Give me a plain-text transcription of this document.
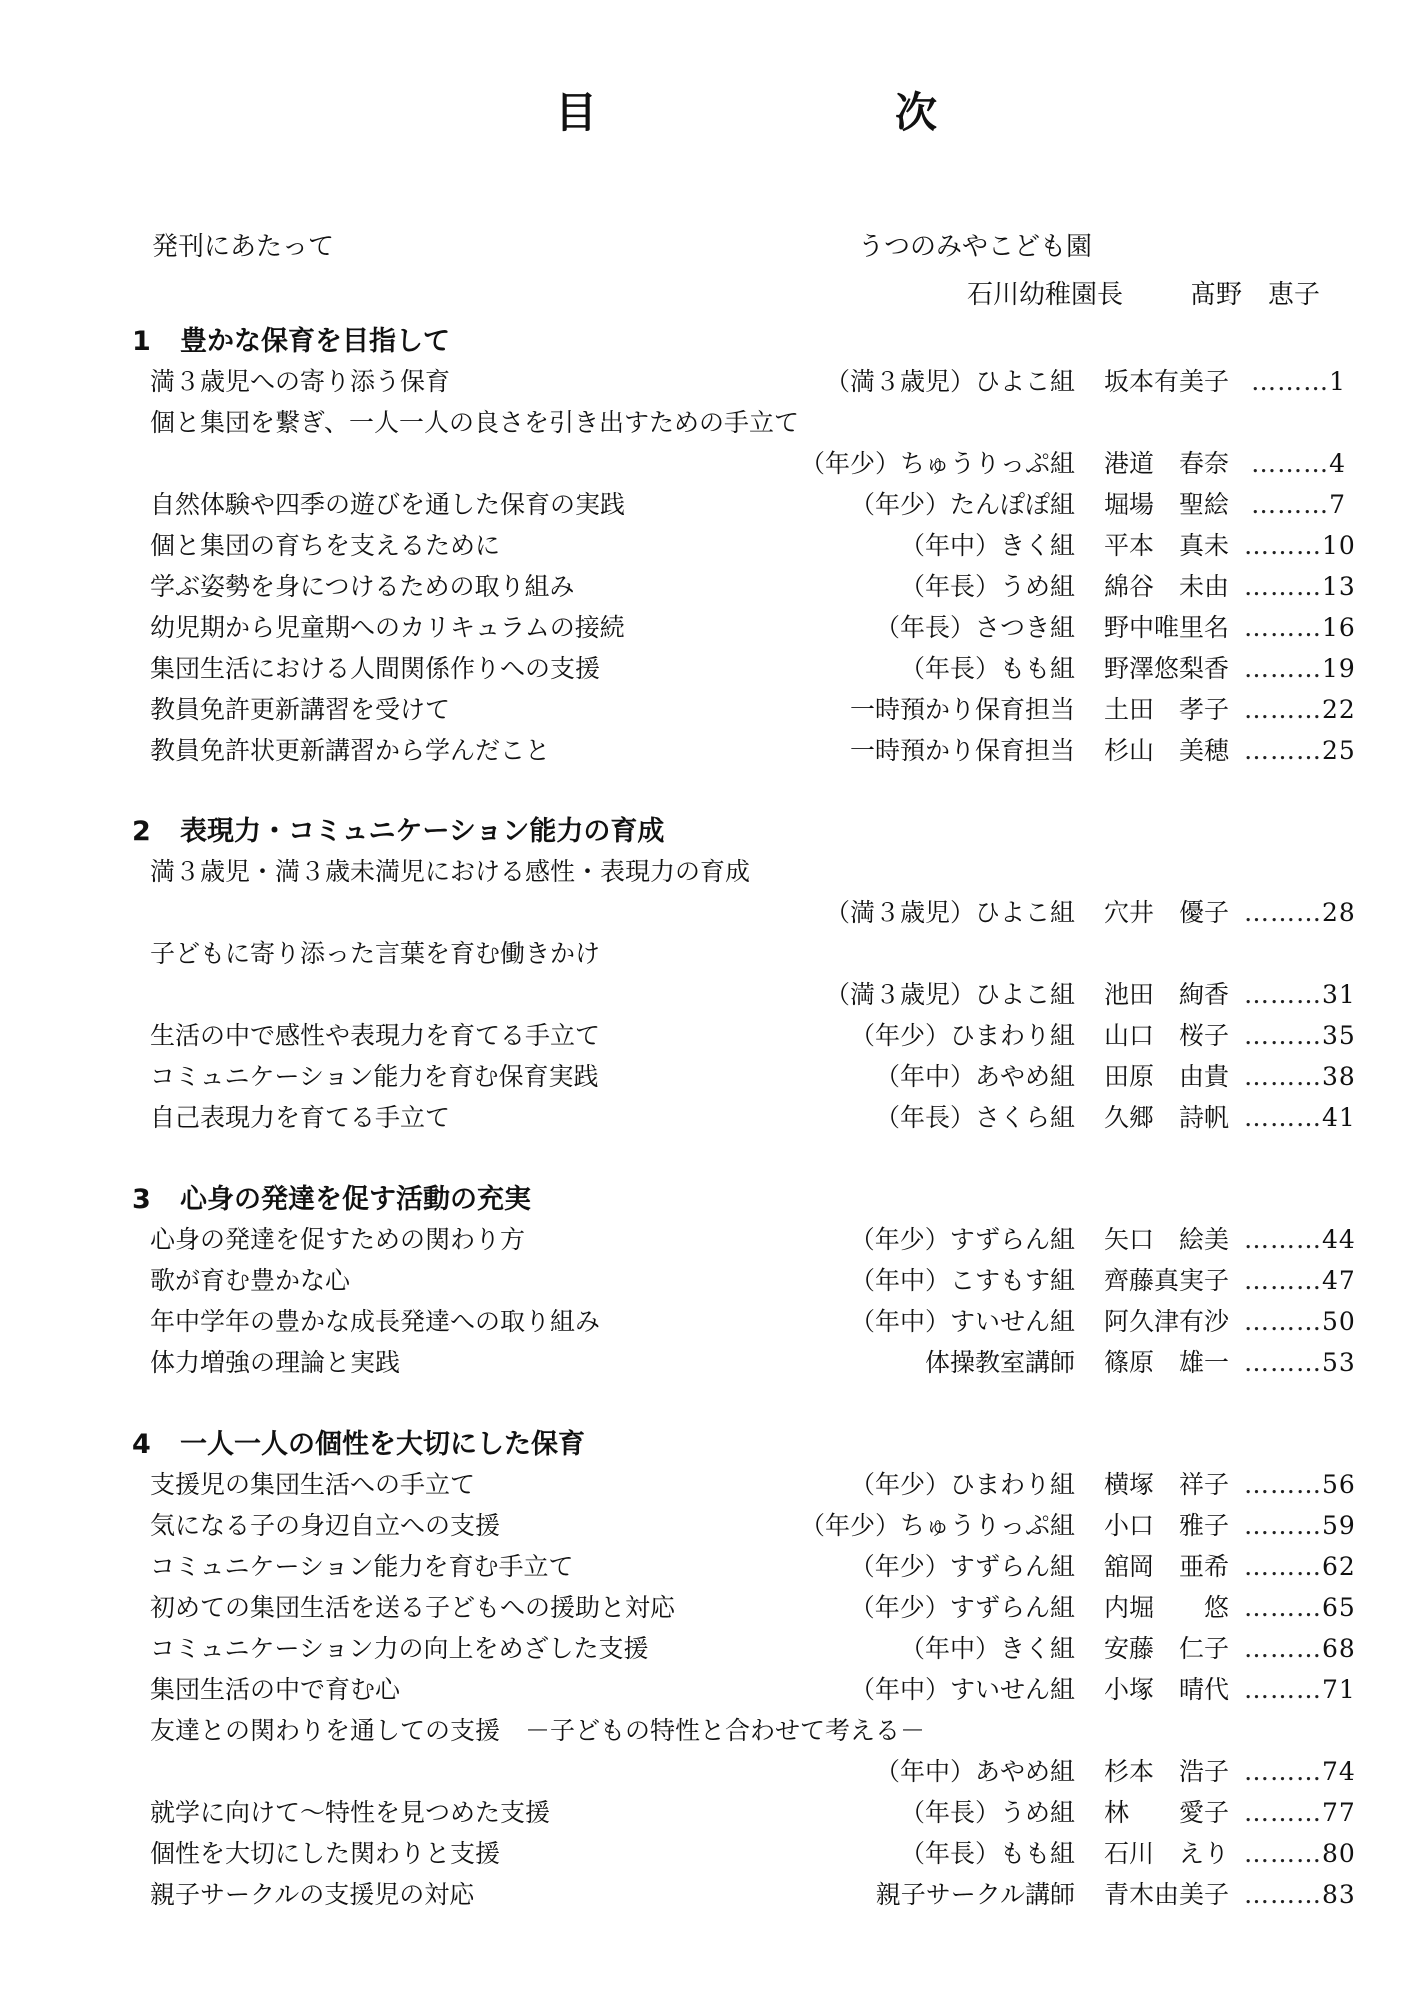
目	次
発刊にあたって	うつのみやこども園
石川幼稚園長	髙野　恵子
1 豊かな保育を目指して
満３歳児への寄り添う保育	（満３歳児）ひよこ組 坂本有美子 ………1
個と集団を繋ぎ、一人一人の良さを引き出すための手立て
（年少）ちゅうりっぷ組 港道　春奈 ………4
自然体験や四季の遊びを通した保育の実践	（年少）たんぽぽ組 堀場　聖絵 ………7
個と集団の育ちを支えるために	（年中）きく組 平本　真未 ………10
学ぶ姿勢を身につけるための取り組み	（年長）うめ組 綿谷　未由 ………13
幼児期から児童期へのカリキュラムの接続	（年長）さつき組 野中唯里名 ………16
集団生活における人間関係作りへの支援	（年長）もも組 野澤悠梨香 ………19
教員免許更新講習を受けて	一時預かり保育担当 土田　孝子 ………22
教員免許状更新講習から学んだこと	一時預かり保育担当 杉山　美穂 ………25
2 表現力・コミュニケーション能力の育成
満３歳児・満３歳未満児における感性・表現力の育成
（満３歳児）ひよこ組 穴井　優子 ………28
子どもに寄り添った言葉を育む働きかけ
（満３歳児）ひよこ組 池田　絢香 ………31
生活の中で感性や表現力を育てる手立て	（年少）ひまわり組 山口　桜子 ………35
コミュニケーション能力を育む保育実践	（年中）あやめ組 田原　由貴 ………38
自己表現力を育てる手立て	（年長）さくら組 久郷　詩帆 ………41
3 心身の発達を促す活動の充実
心身の発達を促すための関わり方	（年少）すずらん組 矢口　絵美 ………44
歌が育む豊かな心	（年中）こすもす組 齊藤真実子 ………47
年中学年の豊かな成長発達への取り組み	（年中）すいせん組 阿久津有沙 ………50
体力増強の理論と実践	体操教室講師 篠原　雄一 ………53
4 一人一人の個性を大切にした保育
支援児の集団生活への手立て	（年少）ひまわり組 横塚　祥子 ………56
気になる子の身辺自立への支援	（年少）ちゅうりっぷ組 小口　雅子 ………59
コミュニケーション能力を育む手立て	（年少）すずらん組 舘岡　亜希 ………62
初めての集団生活を送る子どもへの援助と対応	（年少）すずらん組 内堀　　悠 ………65
コミュニケーション力の向上をめざした支援	（年中）きく組 安藤　仁子 ………68
集団生活の中で育む心	（年中）すいせん組 小塚　晴代 ………71
友達との関わりを通しての支援　－子どもの特性と合わせて考える－
（年中）あやめ組 杉本　浩子 ………74
就学に向けて～特性を見つめた支援	（年長）うめ組 林　　愛子 ………77
個性を大切にした関わりと支援	（年長）もも組 石川　えり ………80
親子サークルの支援児の対応	親子サークル講師 青木由美子 ………83
